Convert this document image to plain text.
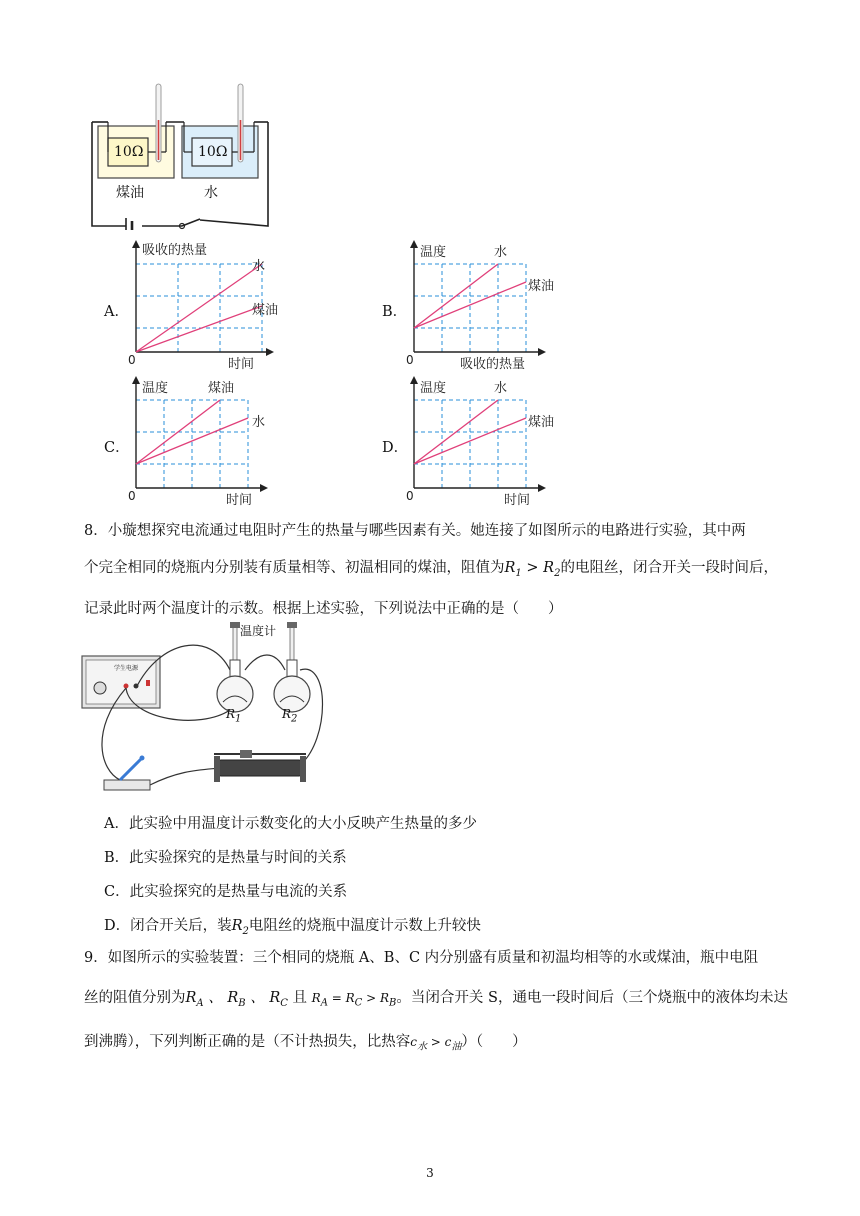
10Ω	10Ω
煤油	水
A．
吸收的热量
水
煤油
0	时间
B．
温度	水
煤油
0	吸收的热量
C．
温度	煤油
水
0	时间
D．
温度	水
煤油
0	时间
8．小璇想探究电流通过电阻时产生的热量与哪些因素有关。她连接了如图所示的电路进行实验，其中两
个完全相同的烧瓶内分别装有质量相等、初温相同的煤油，阻值为$R_1 > R_2$的电阻丝，闭合开关一段时间后，
记录此时两个温度计的示数。根据上述实验，下列说法中正确的是（　　）
学生电源
温度计
$R_1$	$R_2$
A．此实验中用温度计示数变化的大小反映产生热量的多少
B．此实验探究的是热量与时间的关系
C．此实验探究的是热量与电流的关系
D．闭合开关后，装$R_2$电阻丝的烧瓶中温度计示数上升较快
9．如图所示的实验装置：三个相同的烧瓶 A、B、C 内分别盛有质量和初温均相等的水或煤油，瓶中电阻
丝的阻值分别为$R_A$ 、 $R_B$ 、 $R_C$ 且 $R_A = R_C > R_B$。当闭合开关 S，通电一段时间后（三个烧瓶中的液体均未达
到沸腾），下列判断正确的是（不计热损失，比热容$c_水 > c_油$）（　　）
3
